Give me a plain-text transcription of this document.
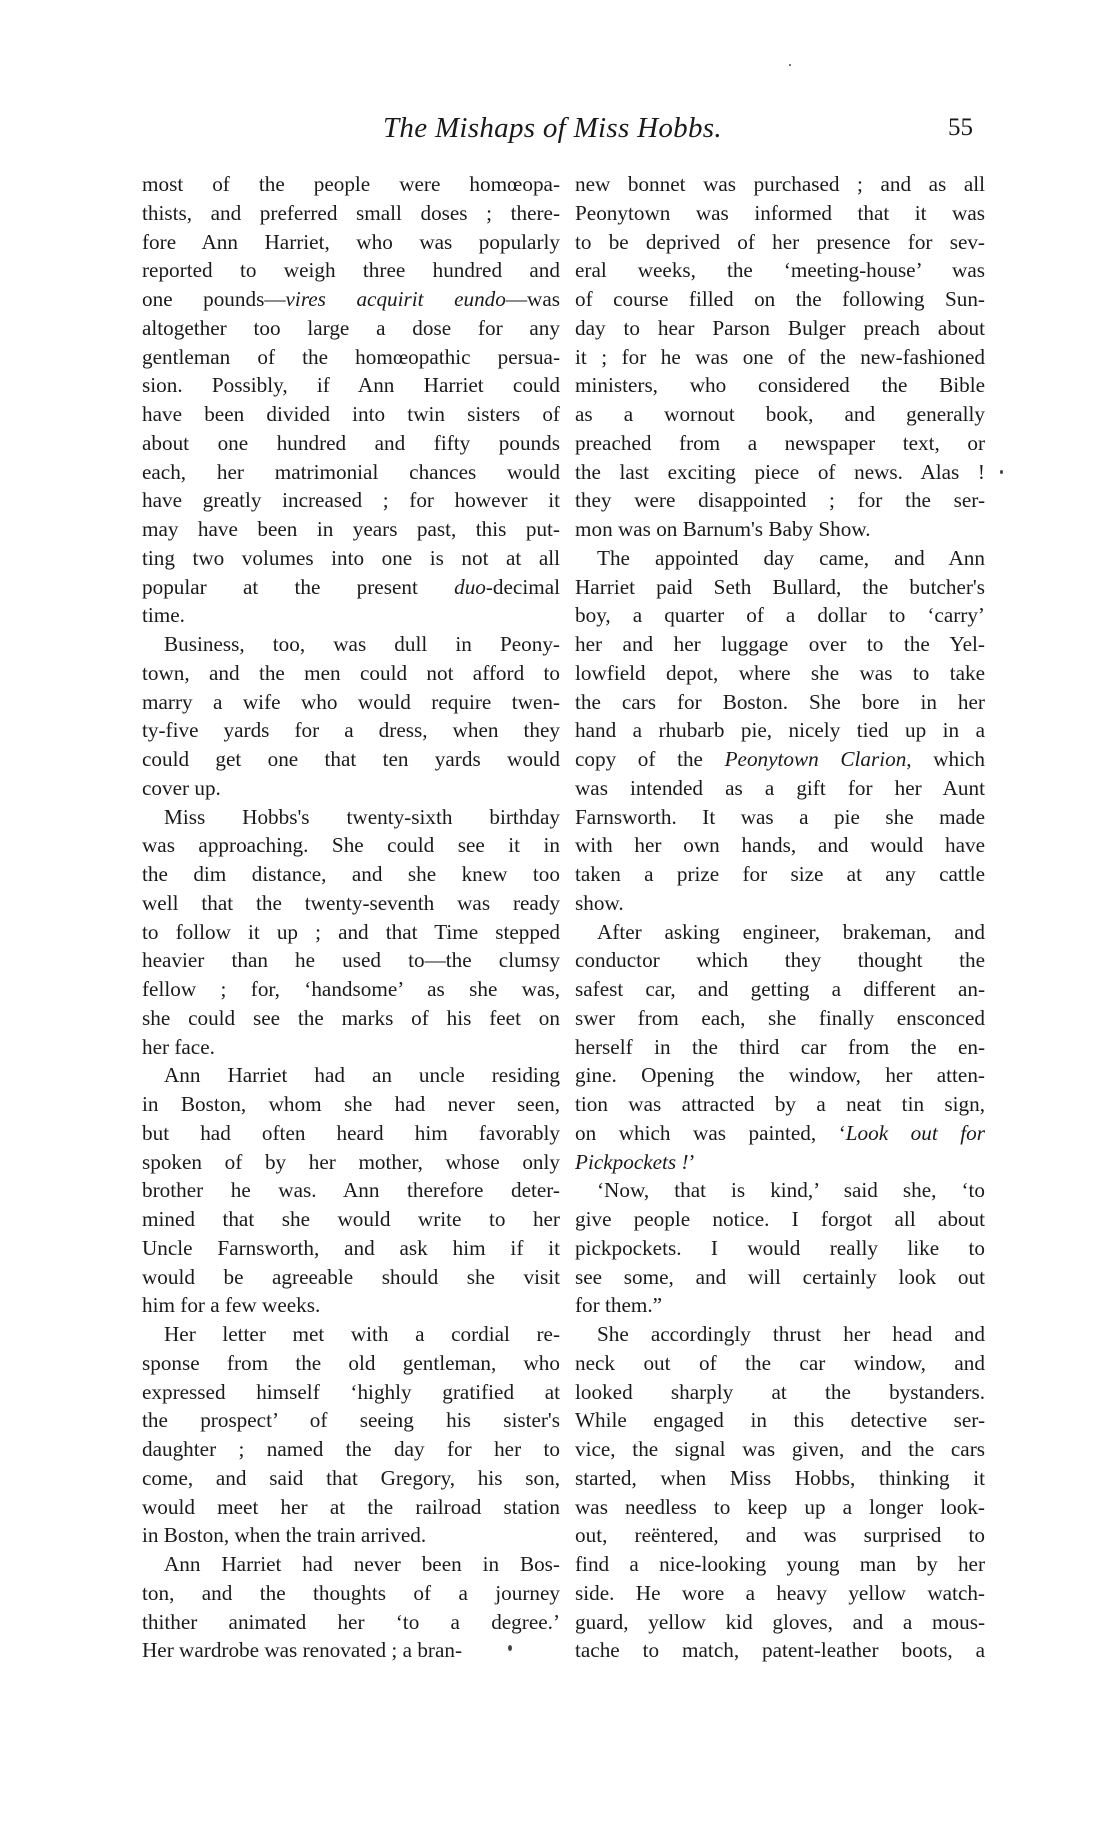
The Mishaps of Miss Hobbs.	55
most of the people were homœopa-
thists, and preferred small doses ; there-
fore Ann Harriet, who was popularly
reported to weigh three hundred and
one pounds—vires acquirit eundo—was
altogether too large a dose for any
gentleman of the homœopathic persua-
sion. Possibly, if Ann Harriet could
have been divided into twin sisters of
about one hundred and fifty pounds
each, her matrimonial chances would
have greatly increased ; for however it
may have been in years past, this put-
ting two volumes into one is not at all
popular at the present duo-decimal
time.
Business, too, was dull in Peony-
town, and the men could not afford to
marry a wife who would require twen-
ty-five yards for a dress, when they
could get one that ten yards would
cover up.
Miss Hobbs's twenty-sixth birthday
was approaching. She could see it in
the dim distance, and she knew too
well that the twenty-seventh was ready
to follow it up ; and that Time stepped
heavier than he used to—the clumsy
fellow ; for, ‘handsome’ as she was,
she could see the marks of his feet on
her face.
Ann Harriet had an uncle residing
in Boston, whom she had never seen,
but had often heard him favorably
spoken of by her mother, whose only
brother he was. Ann therefore deter-
mined that she would write to her
Uncle Farnsworth, and ask him if it
would be agreeable should she visit
him for a few weeks.
Her letter met with a cordial re-
sponse from the old gentleman, who
expressed himself ‘highly gratified at
the prospect’ of seeing his sister's
daughter ; named the day for her to
come, and said that Gregory, his son,
would meet her at the railroad station
in Boston, when the train arrived.
Ann Harriet had never been in Bos-
ton, and the thoughts of a journey
thither animated her ‘to a degree.’
Her wardrobe was renovated ; a bran-
new bonnet was purchased ; and as all
Peonytown was informed that it was
to be deprived of her presence for sev-
eral weeks, the ‘meeting-house’ was
of course filled on the following Sun-
day to hear Parson Bulger preach about
it ; for he was one of the new-fashioned
ministers, who considered the Bible
as a wornout book, and generally
preached from a newspaper text, or
the last exciting piece of news. Alas !
they were disappointed ; for the ser-
mon was on Barnum's Baby Show.
The appointed day came, and Ann
Harriet paid Seth Bullard, the butcher's
boy, a quarter of a dollar to ‘carry’
her and her luggage over to the Yel-
lowfield depot, where she was to take
the cars for Boston. She bore in her
hand a rhubarb pie, nicely tied up in a
copy of the Peonytown Clarion, which
was intended as a gift for her Aunt
Farnsworth. It was a pie she made
with her own hands, and would have
taken a prize for size at any cattle
show.
After asking engineer, brakeman, and
conductor which they thought the
safest car, and getting a different an-
swer from each, she finally ensconced
herself in the third car from the en-
gine. Opening the window, her atten-
tion was attracted by a neat tin sign,
on which was painted, ‘Look out for
Pickpockets !’
‘Now, that is kind,’ said she, ‘to
give people notice. I forgot all about
pickpockets. I would really like to
see some, and will certainly look out
for them.”
She accordingly thrust her head and
neck out of the car window, and
looked sharply at the bystanders.
While engaged in this detective ser-
vice, the signal was given, and the cars
started, when Miss Hobbs, thinking it
was needless to keep up a longer look-
out, reëntered, and was surprised to
find a nice-looking young man by her
side. He wore a heavy yellow watch-
guard, yellow kid gloves, and a mous-
tache to match, patent-leather boots, a
